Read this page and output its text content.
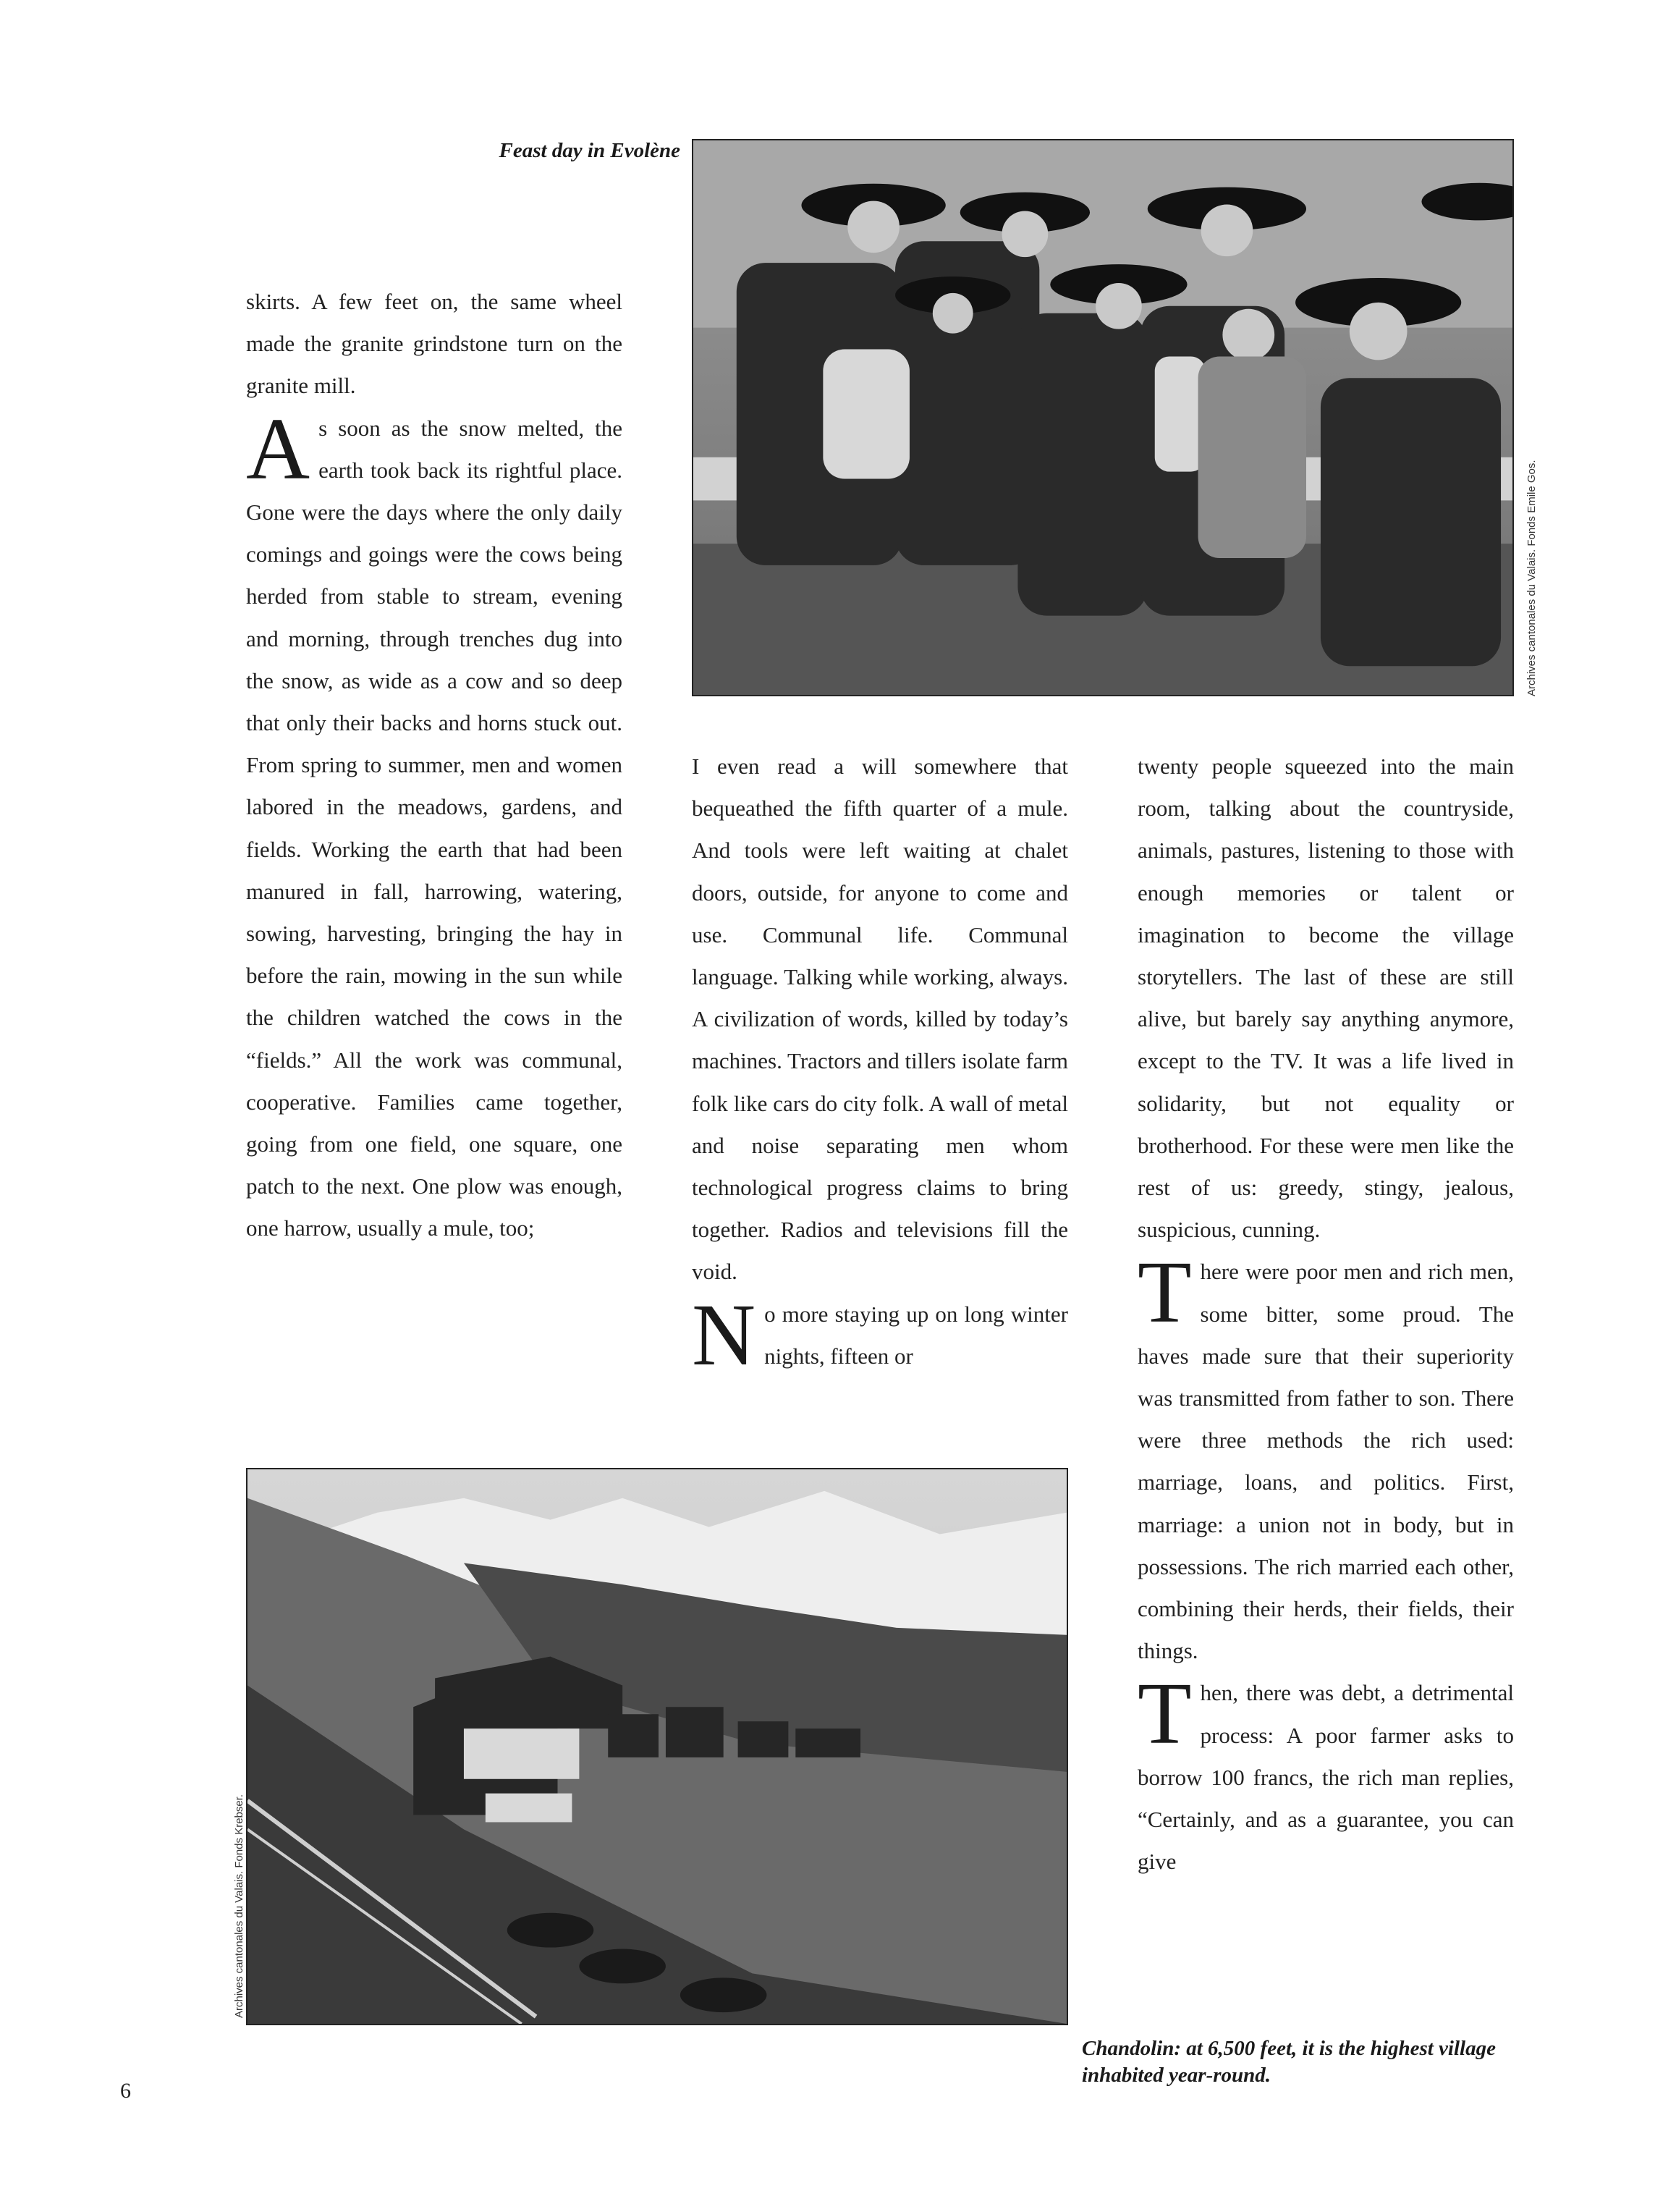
Feast day in Evolène
Archives cantonales du Valais. Fonds Emile Gos.

skirts. A few feet on, the same wheel made the granite grindstone turn on the granite mill.

As soon as the snow melted, the earth took back its rightful place. Gone were the days where the only daily comings and goings were the cows being herded from stable to stream, evening and morning, through trenches dug into the snow, as wide as a cow and so deep that only their backs and horns stuck out. From spring to summer, men and women labored in the meadows, gardens, and fields. Working the earth that had been manured in fall, harrowing, watering, sowing, harvesting, bringing the hay in before the rain, mowing in the sun while the children watched the cows in the “fields.” All the work was communal, cooperative. Families came together, going from one field, one square, one patch to the next. One plow was enough, one harrow, usually a mule, too;

I even read a will somewhere that bequeathed the fifth quarter of a mule. And tools were left waiting at chalet doors, outside, for anyone to come and use. Communal life. Communal language. Talking while working, always. A civilization of words, killed by today’s machines. Tractors and tillers isolate farm folk like cars do city folk. A wall of metal and noise separating men whom technological progress claims to bring together. Radios and televisions fill the void.

No more staying up on long winter nights, fifteen or

twenty people squeezed into the main room, talking about the countryside, animals, pastures, listening to those with enough memories or talent or imagination to become the village storytellers. The last of these are still alive, but barely say anything anymore, except to the TV. It was a life lived in solidarity, but not equality or brotherhood. For these were men like the rest of us: greedy, stingy, jealous, suspicious, cunning.

There were poor men and rich men, some bitter, some proud. The haves made sure that their superiority was transmitted from father to son. There were three methods the rich used: marriage, loans, and politics. First, marriage: a union not in body, but in possessions. The rich married each other, combining their herds, their fields, their things.

Then, there was debt, a detrimental process: A poor farmer asks to borrow 100 francs, the rich man replies, “Certainly, and as a guarantee, you can give

Archives cantonales du Valais. Fonds Krebser.
Chandolin: at 6,500 feet, it is the highest village inhabited year-round.
6
